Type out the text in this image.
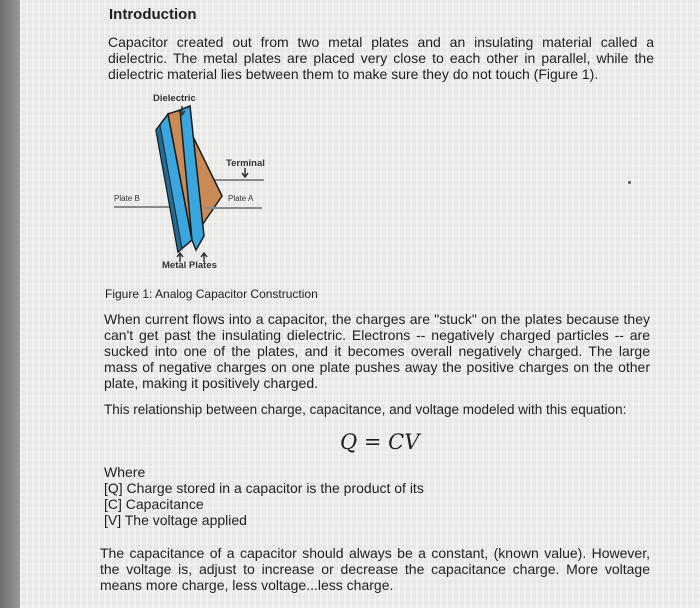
Introduction
Capacitor created out from two metal plates and an insulating material called a dielectric. The metal plates are placed very close to each other in parallel, while the dielectric material lies between them to make sure they do not touch (Figure 1).
Dielectric
Terminal
Plate B	Plate A
Metal Plates
Figure 1: Analog Capacitor Construction
When current flows into a capacitor, the charges are "stuck" on the plates because they can't get past the insulating dielectric. Electrons -- negatively charged particles -- are sucked into one of the plates, and it becomes overall negatively charged. The large mass of negative charges on one plate pushes away the positive charges on the other plate, making it positively charged.
This relationship between charge, capacitance, and voltage modeled with this equation:
Q = CV
Where
[Q] Charge stored in a capacitor is the product of its
[C] Capacitance
[V] The voltage applied
The capacitance of a capacitor should always be a constant, (known value). However, the voltage is, adjust to increase or decrease the capacitance charge. More voltage means more charge, less voltage...less charge.
